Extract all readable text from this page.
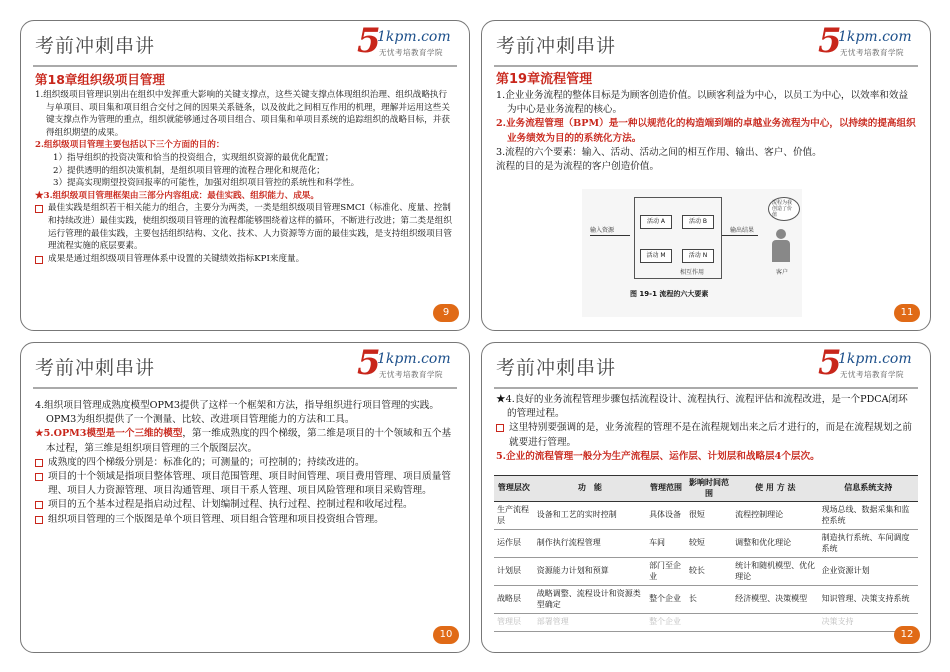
考前冲刺串讲	5
1kpm.com
无忧考培教育学院
第18章组织级项目管理

1.组织级项目管理识别出在组织中发挥重大影响的关键支撑点，这些关键支撑点体现组织治理、组织战略执行与单项目、项目集和项目组合交付之间的因果关系链条，以及彼此之间相互作用的机理，理解并运用这些关键支撑点作为管理的重点，组织就能够通过各项目组合、项目集和单项目系统的追踪组织的战略目标，并获得组织期望的成果。

2.组织级项目管理主要包括以下三个方面的目的：

1）指导组织的投资决策和恰当的投资组合，实现组织资源的最优化配置；
2）提供透明的组织决策机制，是组织项目管理的流程合理化和规范化；
3）提高实现期望投资回报率的可能性，加强对组织项目管控的系统性和科学性。

★3.组织级项目管理框架由三部分内容组成：最佳实践、组织能力、成果。

最佳实践是组织若干相关能力的组合，主要分为两类，一类是组织级项目管理SMCI（标准化、度量、控制和持续改进）最佳实践，使组织级项目管理的流程都能够围绕着这样的循环，不断进行改进；第二类是组织运行管理的最佳实践，主要包括组织结构、文化、技术、人力资源等方面的最佳实践，是支持组织级项目管理流程实施的底层要素。
成果是通过组织级项目管理体系中设置的关键绩效指标KPI来度量。
9
考前冲刺串讲	5
1kpm.com
无忧考培教育学院
第19章流程管理

1.企业业务流程的整体目标是为顾客创造价值。以顾客利益为中心，以员工为中心，以效率和效益为中心是业务流程的核心。

2.业务流程管理（BPM）是一种以规范化的构造端到端的卓越业务流程为中心，以持续的提高组织业务绩效为目的的系统化方法。

3.流程的六个要素：输入、活动、活动之间的相互作用、输出、客户、价值。

流程的目的是为流程的客户创造价值。

输入资源
活动 A	活动 B
活动 M	活动 N
相互作用
输出结果
流程为我创造了价值
客户
图 19-1 流程的六大要素
11
考前冲刺串讲	5
1kpm.com
无忧考培教育学院

4.组织项目管理成熟度模型OPM3提供了这样一个框架和方法，指导组织进行项目管理的实践。OPM3为组织提供了一个测量、比较、改进项目管理能力的方法和工具。

★5.OPM3模型是一个三维的模型，第一维成熟度的四个梯级，第二维是项目的十个领域和五个基本过程，第三维是组织项目管理的三个版图层次。

成熟度的四个梯级分别是：标准化的；可测量的；可控制的；持续改进的。
项目的十个领域是指项目整体管理、项目范围管理、项目时间管理、项目费用管理、项目质量管理、项目人力资源管理、项目沟通管理、项目干系人管理、项目风险管理和项目采购管理。
项目的五个基本过程是指启动过程、计划编制过程、执行过程、控制过程和收尾过程。
组织项目管理的三个版图是单个项目管理、项目组合管理和项目投资组合管理。
10
考前冲刺串讲	5
1kpm.com
无忧考培教育学院

★4.良好的业务流程管理步骤包括流程设计、流程执行、流程评估和流程改进，是一个PDCA闭环的管理过程。

这里特别要强调的是，业务流程的管理不是在流程规划出来之后才进行的，而是在流程规划之前就要进行管理。

5.企业的流程管理一般分为生产流程层、运作层、计划层和战略层4个层次。

管理层次	功　能	管理范围	影响时间范围	使 用 方 法	信息系统支持
生产流程层	设备和工艺的实时控制	具体设备	很短	流程控制理论	现场总线、数据采集和监控系统
运作层	制作执行流程管理	车间	较短	调整和优化理论	制造执行系统、车间调度系统
计划层	资源能力计划和预算	部门至企业	较长	统计和随机模型、优化理论	企业资源计划
战略层	战略调整、流程设计和资源类型确定	整个企业	长	经济模型、决策模型	知识管理、决策支持系统
管理层	部署管理	整个企业			决策支持
12
